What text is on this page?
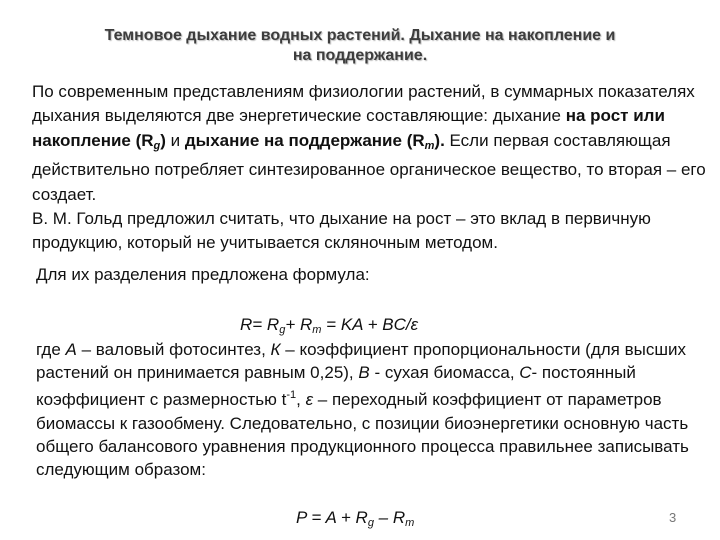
Темновое дыхание водных растений. Дыхание на накопление и
на поддержание.
По современным представлениям физиологии растений, в суммарных показателях дыхания выделяются две энергетические составляющие: дыхание на рост или накопление $(R_g)$ и дыхание на поддержание $(R_m)$. Если первая составляющая действительно потребляет синтезированное органическое вещество, то вторая – его создает.
В. М. Гольд предложил считать, что дыхание на рост – это вклад в первичную продукцию, который не учитывается скляночным методом.
Для их разделения предложена формула:
$R= R_g+ R_m$ = KA + BC/ε
где А – валовый фотосинтез, К – коэффициент пропорциональности (для высших растений он принимается равным 0,25), В - сухая биомасса, С- постоянный коэффициент с размерностью $t^{-1}$, ε – переходный коэффициент от параметров биомассы к газообмену. Следовательно, с позиции биоэнергетики основную часть общего балансового уравнения продукционного процесса правильнее записывать следующим образом:
$P = A + R_g - R_m$	3
